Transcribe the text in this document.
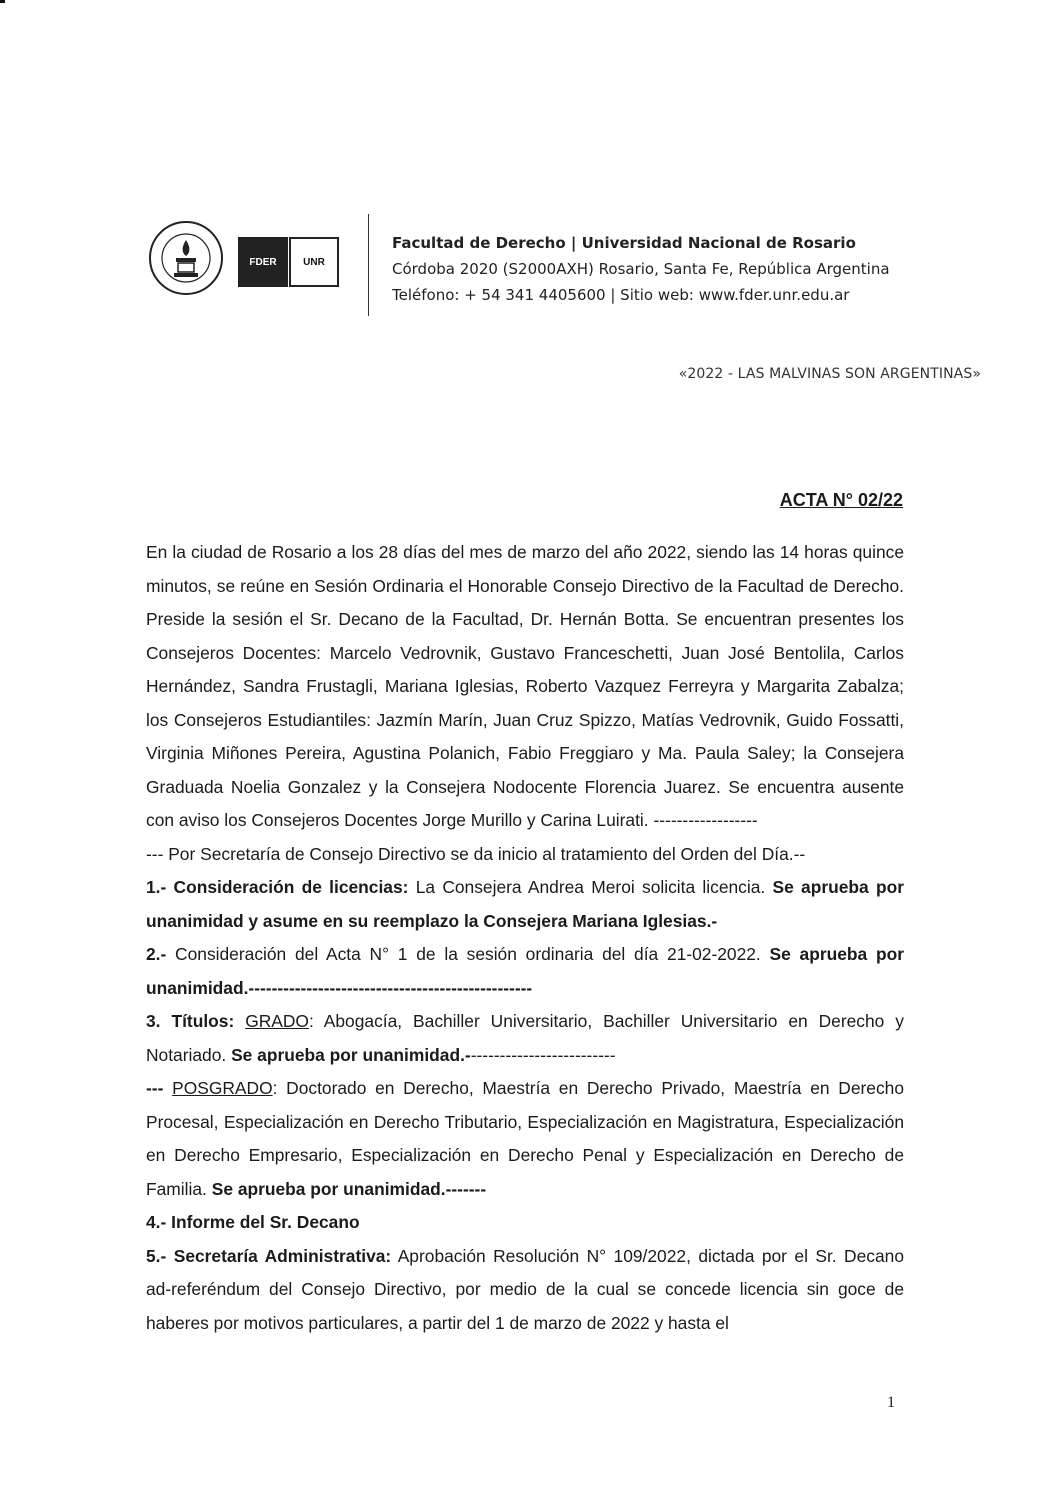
FDER	UNR
Facultad de Derecho | Universidad Nacional de Rosario
Córdoba 2020 (S2000AXH) Rosario, Santa Fe, República Argentina
Teléfono: + 54 341 4405600 | Sitio web: www.fder.unr.edu.ar
«2022 - LAS MALVINAS SON ARGENTINAS»
ACTA N° 02/22

En la ciudad de Rosario a los 28 días del mes de marzo del año 2022, siendo las 14 horas quince minutos, se reúne en Sesión Ordinaria el Honorable Consejo Directivo de la Facultad de Derecho. Preside la sesión el Sr. Decano de la Facultad, Dr. Hernán Botta. Se encuentran presentes los Consejeros Docentes: Marcelo Vedrovnik, Gustavo Franceschetti, Juan José Bentolila, Carlos Hernández, Sandra Frustagli, Mariana Iglesias, Roberto Vazquez Ferreyra y Margarita Zabalza; los Consejeros Estudiantiles: Jazmín Marín, Juan Cruz Spizzo, Matías Vedrovnik, Guido Fossatti, Virginia Miñones Pereira, Agustina Polanich, Fabio Freggiaro y Ma. Paula Saley; la Consejera Graduada Noelia Gonzalez y la Consejera Nodocente Florencia Juarez. Se encuentra ausente con aviso los Consejeros Docentes Jorge Murillo y Carina Luirati. ------------------

--- Por Secretaría de Consejo Directivo se da inicio al tratamiento del Orden del Día.--

1.- Consideración de licencias: La Consejera Andrea Meroi solicita licencia. Se aprueba por unanimidad y asume en su reemplazo la Consejera Mariana Iglesias.-

2.- Consideración del Acta N° 1 de la sesión ordinaria del día 21-02-2022. Se aprueba por unanimidad.-------------------------------------------------

3. Títulos: GRADO: Abogacía, Bachiller Universitario, Bachiller Universitario en Derecho y Notariado. Se aprueba por unanimidad.--------------------------

--- POSGRADO: Doctorado en Derecho, Maestría en Derecho Privado, Maestría en Derecho Procesal, Especialización en Derecho Tributario, Especialización en Magistratura, Especialización en Derecho Empresario, Especialización en Derecho Penal y Especialización en Derecho de Familia. Se aprueba por unanimidad.-------

4.- Informe del Sr. Decano

5.- Secretaría Administrativa: Aprobación Resolución N° 109/2022, dictada por el Sr. Decano ad-referéndum del Consejo Directivo, por medio de la cual se concede licencia sin goce de haberes por motivos particulares, a partir del 1 de marzo de 2022 y hasta el

1
